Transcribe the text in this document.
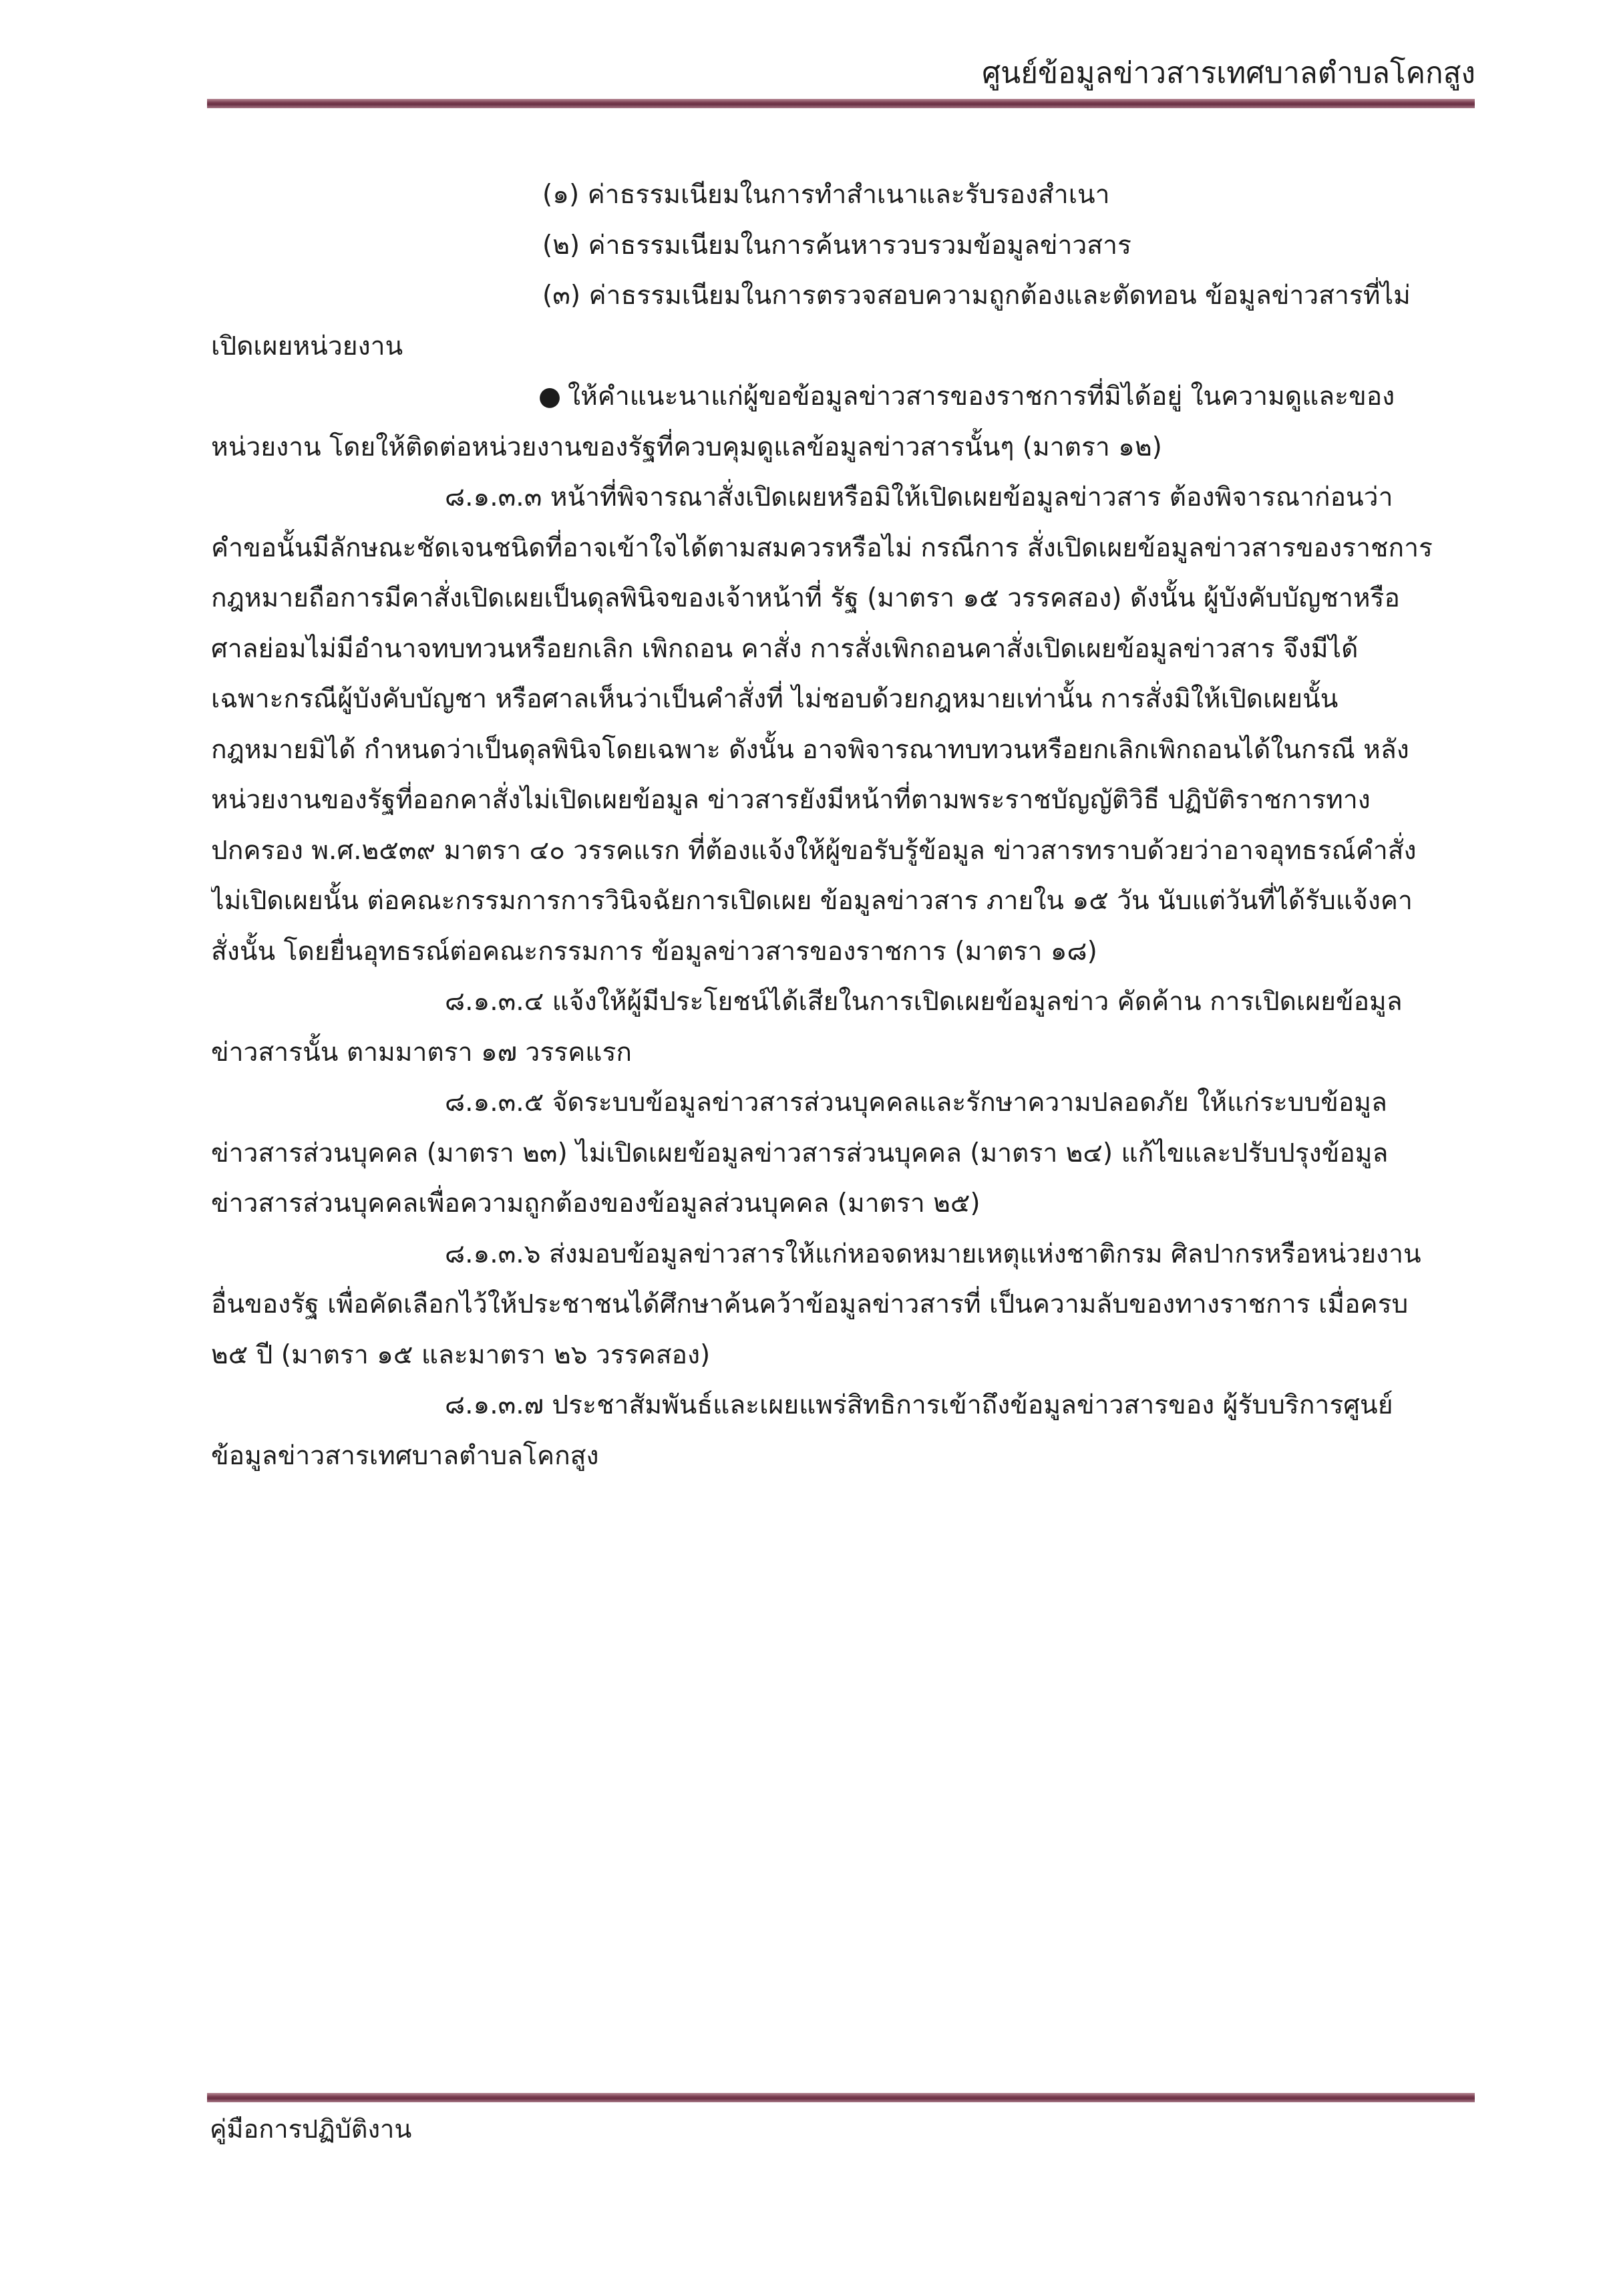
ศูนย์ข้อมูลข่าวสารเทศบาลตำบลโคกสูง
(๑) ค่าธรรมเนียมในการทำสำเนาและรับรองสำเนา
(๒) ค่าธรรมเนียมในการค้นหารวบรวมข้อมูลข่าวสาร
(๓) ค่าธรรมเนียมในการตรวจสอบความถูกต้องและตัดทอน ข้อมูลข่าวสารที่ไม่
เปิดเผยหน่วยงาน
● ให้คำแนะนาแก่ผู้ขอข้อมูลข่าวสารของราชการที่มิได้อยู่ ในความดูและของ
หน่วยงาน โดยให้ติดต่อหน่วยงานของรัฐที่ควบคุมดูแลข้อมูลข่าวสารนั้นๆ (มาตรา ๑๒)
๘.๑.๓.๓ หน้าที่พิจารณาสั่งเปิดเผยหรือมิให้เปิดเผยข้อมูลข่าวสาร ต้องพิจารณาก่อนว่า
คำขอนั้นมีลักษณะชัดเจนชนิดที่อาจเข้าใจได้ตามสมควรหรือไม่ กรณีการ สั่งเปิดเผยข้อมูลข่าวสารของราชการ
กฎหมายถือการมีคาสั่งเปิดเผยเป็นดุลพินิจของเจ้าหน้าที่ รัฐ (มาตรา ๑๕ วรรคสอง) ดังนั้น ผู้บังคับบัญชาหรือ
ศาลย่อมไม่มีอำนาจทบทวนหรือยกเลิก เพิกถอน คาสั่ง การสั่งเพิกถอนคาสั่งเปิดเผยข้อมูลข่าวสาร จึงมีได้
เฉพาะกรณีผู้บังคับบัญชา หรือศาลเห็นว่าเป็นคำสั่งที่ ไม่ชอบด้วยกฎหมายเท่านั้น การสั่งมิให้เปิดเผยนั้น
กฎหมายมิได้ กำหนดว่าเป็นดุลพินิจโดยเฉพาะ ดังนั้น อาจพิจารณาทบทวนหรือยกเลิกเพิกถอนได้ในกรณี หลัง
หน่วยงานของรัฐที่ออกคาสั่งไม่เปิดเผยข้อมูล ข่าวสารยังมีหน้าที่ตามพระราชบัญญัติวิธี ปฏิบัติราชการทาง
ปกครอง พ.ศ.๒๕๓๙ มาตรา ๔๐ วรรคแรก ที่ต้องแจ้งให้ผู้ขอรับรู้ข้อมูล ข่าวสารทราบด้วยว่าอาจอุทธรณ์คำสั่ง
ไม่เปิดเผยนั้น ต่อคณะกรรมการการวินิจฉัยการเปิดเผย ข้อมูลข่าวสาร ภายใน ๑๕ วัน นับแต่วันที่ได้รับแจ้งคา
สั่งนั้น โดยยื่นอุทธรณ์ต่อคณะกรรมการ ข้อมูลข่าวสารของราชการ (มาตรา ๑๘)
๘.๑.๓.๔ แจ้งให้ผู้มีประโยชน์ได้เสียในการเปิดเผยข้อมูลข่าว คัดค้าน การเปิดเผยข้อมูล
ข่าวสารนั้น ตามมาตรา ๑๗ วรรคแรก
๘.๑.๓.๕ จัดระบบข้อมูลข่าวสารส่วนบุคคลและรักษาความปลอดภัย ให้แก่ระบบข้อมูล
ข่าวสารส่วนบุคคล (มาตรา ๒๓) ไม่เปิดเผยข้อมูลข่าวสารส่วนบุคคล (มาตรา ๒๔) แก้ไขและปรับปรุงข้อมูล
ข่าวสารส่วนบุคคลเพื่อความถูกต้องของข้อมูลส่วนบุคคล (มาตรา ๒๕)
๘.๑.๓.๖ ส่งมอบข้อมูลข่าวสารให้แก่หอจดหมายเหตุแห่งชาติกรม ศิลปากรหรือหน่วยงาน
อื่นของรัฐ เพื่อคัดเลือกไว้ให้ประชาชนได้ศึกษาค้นคว้าข้อมูลข่าวสารที่ เป็นความลับของทางราชการ เมื่อครบ
๒๕ ปี (มาตรา ๑๕ และมาตรา ๒๖ วรรคสอง)
๘.๑.๓.๗ ประชาสัมพันธ์และเผยแพร่สิทธิการเข้าถึงข้อมูลข่าวสารของ ผู้รับบริการศูนย์
ข้อมูลข่าวสารเทศบาลตำบลโคกสูง
คู่มือการปฏิบัติงาน
